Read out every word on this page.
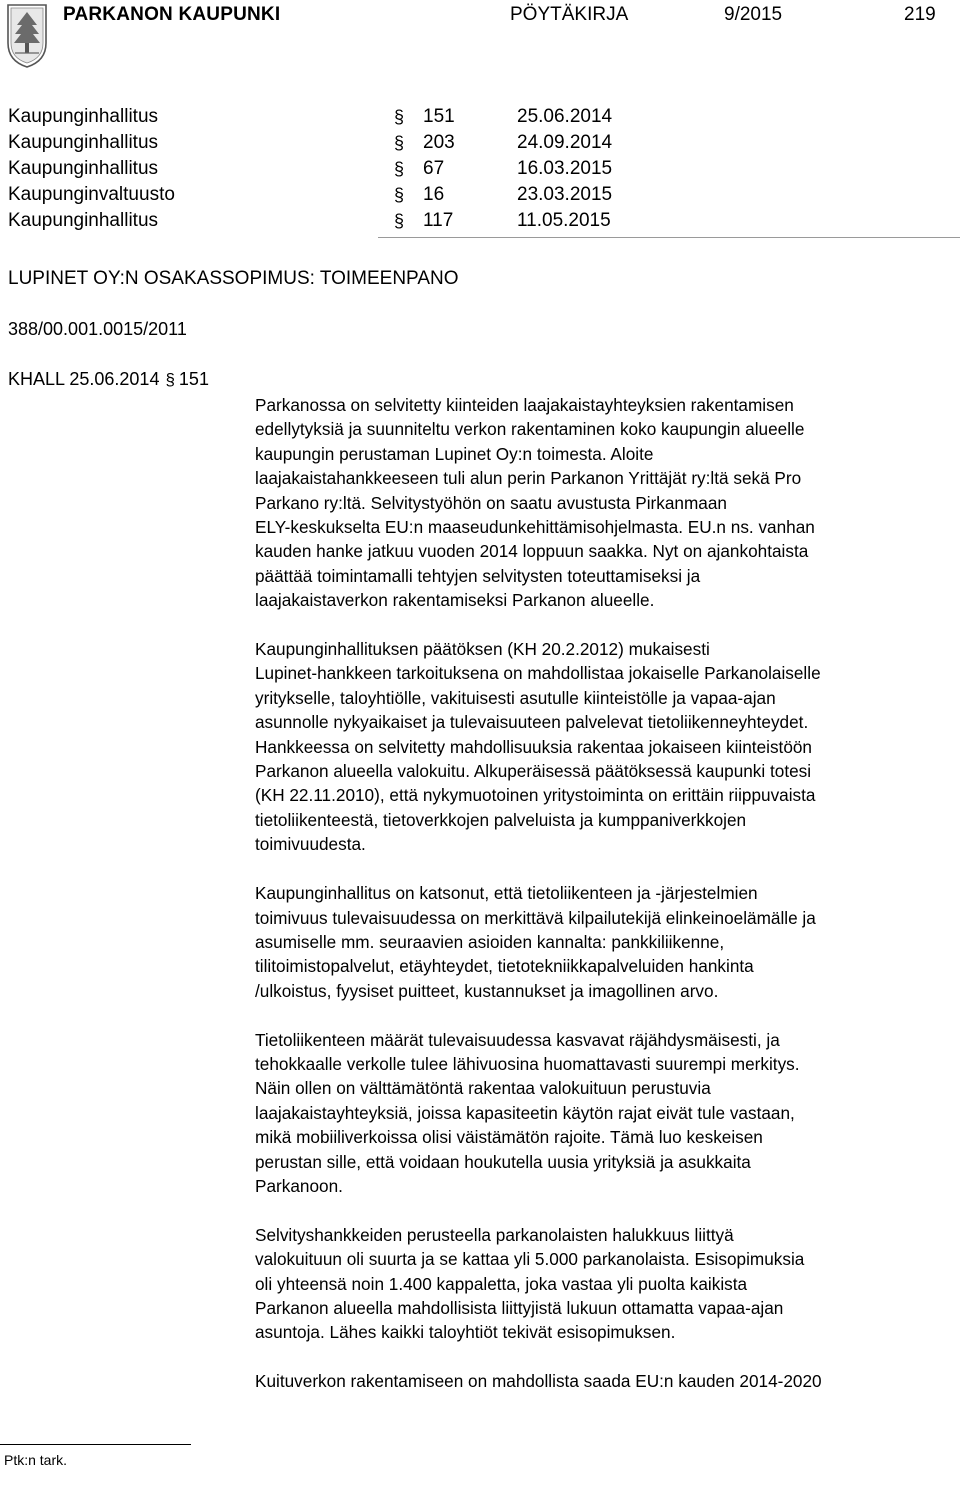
PARKANON KAUPUNKI	PÖYTÄKIRJA	9/2015	219
Kaupunginhallitus	§ 151	25.06.2014
Kaupunginhallitus	§ 203	24.09.2014
Kaupunginhallitus	§ 67	16.03.2015
Kaupunginvaltuusto	§ 16	23.03.2015
Kaupunginhallitus	§ 117	11.05.2015
LUPINET OY:N OSAKASSOPIMUS: TOIMEENPANO
388/00.001.0015/2011
KHALL 25.06.2014 § 151

Parkanossa on selvitetty kiinteiden laajakaistayhteyksien rakentamisen
edellytyksiä ja suunniteltu verkon rakentaminen koko kaupungin alueelle
kaupungin perustaman Lupinet Oy:n toimesta. Aloite
laajakaistahankkeeseen tuli alun perin Parkanon Yrittäjät ry:ltä sekä Pro
Parkano ry:ltä. Selvitystyöhön on saatu avustusta Pirkanmaan
ELY-keskukselta EU:n maaseudunkehittämisohjelmasta. EU.n ns. vanhan
kauden hanke jatkuu vuoden 2014 loppuun saakka. Nyt on ajankohtaista
päättää toimintamalli tehtyjen selvitysten toteuttamiseksi ja
laajakaistaverkon rakentamiseksi Parkanon alueelle.

Kaupunginhallituksen päätöksen (KH 20.2.2012) mukaisesti
Lupinet-hankkeen tarkoituksena on mahdollistaa jokaiselle Parkanolaiselle
yritykselle, taloyhtiölle, vakituisesti asutulle kiinteistölle ja vapaa-ajan
asunnolle nykyaikaiset ja tulevaisuuteen palvelevat tietoliikenneyhteydet.
Hankkeessa on selvitetty mahdollisuuksia rakentaa jokaiseen kiinteistöön
Parkanon alueella valokuitu. Alkuperäisessä päätöksessä kaupunki totesi
(KH 22.11.2010), että nykymuotoinen yritystoiminta on erittäin riippuvaista
tietoliikenteestä, tietoverkkojen palveluista ja kumppaniverkkojen
toimivuudesta.

Kaupunginhallitus on katsonut, että tietoliikenteen ja -järjestelmien
toimivuus tulevaisuudessa on merkittävä kilpailutekijä elinkeinoelämälle ja
asumiselle mm. seuraavien asioiden kannalta: pankkiliikenne,
tilitoimistopalvelut, etäyhteydet, tietotekniikkapalveluiden hankinta
/ulkoistus, fyysiset puitteet, kustannukset ja imagollinen arvo.

Tietoliikenteen määrät tulevaisuudessa kasvavat räjähdysmäisesti, ja
tehokkaalle verkolle tulee lähivuosina huomattavasti suurempi merkitys.
Näin ollen on välttämätöntä rakentaa valokuituun perustuvia
laajakaistayhteyksiä, joissa kapasiteetin käytön rajat eivät tule vastaan,
mikä mobiiliverkoissa olisi väistämätön rajoite. Tämä luo keskeisen
perustan sille, että voidaan houkutella uusia yrityksiä ja asukkaita
Parkanoon.

Selvityshankkeiden perusteella parkanolaisten halukkuus liittyä
valokuituun oli suurta ja se kattaa yli 5.000 parkanolaista. Esisopimuksia
oli yhteensä noin 1.400 kappaletta, joka vastaa yli puolta kaikista
Parkanon alueella mahdollisista liittyjistä lukuun ottamatta vapaa-ajan
asuntoja. Lähes kaikki taloyhtiöt tekivät esisopimuksen.

Kuituverkon rakentamiseen on mahdollista saada EU:n kauden 2014-2020

Ptk:n tark.
